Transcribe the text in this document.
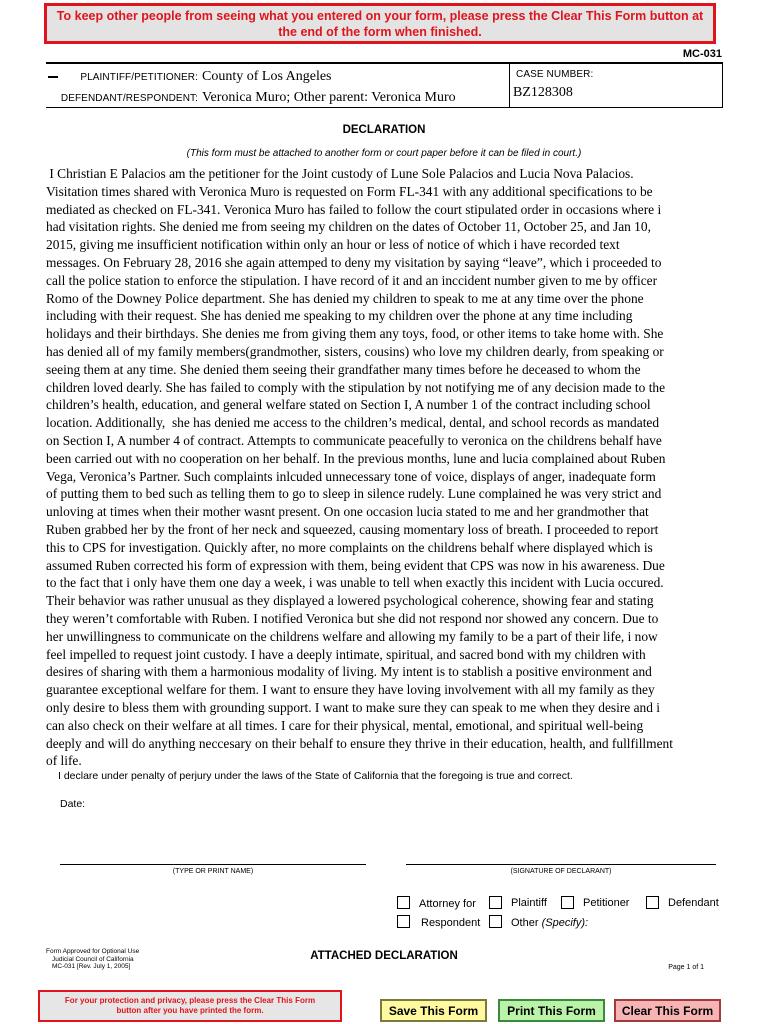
To keep other people from seeing what you entered on your form, please press the Clear This Form button at the end of the form when finished.
MC-031
PLAINTIFF/PETITIONER: County of Los Angeles
DEFENDANT/RESPONDENT: Veronica Muro; Other parent: Veronica Muro
CASE NUMBER:
BZ128308
DECLARATION
(This form must be attached to another form or court paper before it can be filed in court.)
I Christian E Palacios am the petitioner for the Joint custody of Lune Sole Palacios and Lucia Nova Palacios.
Visitation times shared with Veronica Muro is requested on Form FL-341 with any additional specifications to be
mediated as checked on FL-341. Veronica Muro has failed to follow the court stipulated order in occasions where i
had visitation rights. She denied me from seeing my children on the dates of October 11, October 25, and Jan 10,
2015, giving me insufficient notification within only an hour or less of notice of which i have recorded text
messages. On February 28, 2016 she again attemped to deny my visitation by saying “leave”, which i proceeded to
call the police station to enforce the stipulation. I have record of it and an inccident number given to me by officer
Romo of the Downey Police department. She has denied my children to speak to me at any time over the phone
including with their request. She has denied me speaking to my children over the phone at any time including
holidays and their birthdays. She denies me from giving them any toys, food, or other items to take home with. She
has denied all of my family members(grandmother, sisters, cousins) who love my children dearly, from speaking or
seeing them at any time. She denied them seeing their grandfather many times before he deceased to whom the
children loved dearly. She has failed to comply with the stipulation by not notifying me of any decision made to the
children’s health, education, and general welfare stated on Section I, A number 1 of the contract including school
location. Additionally,  she has denied me access to the children’s medical, dental, and school records as mandated
on Section I, A number 4 of contract. Attempts to communicate peacefully to veronica on the childrens behalf have
been carried out with no cooperation on her behalf. In the previous months, lune and lucia complained about Ruben
Vega, Veronica’s Partner. Such complaints inlcuded unnecessary tone of voice, displays of anger, inadequate form
of putting them to bed such as telling them to go to sleep in silence rudely. Lune complained he was very strict and
unloving at times when their mother wasnt present. On one occasion lucia stated to me and her grandmother that
Ruben grabbed her by the front of her neck and squeezed, causing momentary loss of breath. I proceeded to report
this to CPS for investigation. Quickly after, no more complaints on the childrens behalf where displayed which is
assumed Ruben corrected his form of expression with them, being evident that CPS was now in his awareness. Due
to the fact that i only have them one day a week, i was unable to tell when exactly this incident with Lucia occured.
Their behavior was rather unusual as they displayed a lowered psychological coherence, showing fear and stating
they weren’t comfortable with Ruben. I notified Veronica but she did not respond nor showed any concern. Due to
her unwillingness to communicate on the childrens welfare and allowing my family to be a part of their life, i now
feel impelled to request joint custody. I have a deeply intimate, spiritual, and sacred bond with my children with
desires of sharing with them a harmonious modality of living. My intent is to stablish a positive environment and
guarantee exceptional welfare for them. I want to ensure they have loving involvement with all my family as they
only desire to bless them with grounding support. I want to make sure they can speak to me when they desire and i
can also check on their welfare at all times. I care for their physical, mental, emotional, and spiritual well-being
deeply and will do anything neccesary on their behalf to ensure they thrive in their education, health, and fullfillment
of life.
I declare under penalty of perjury under the laws of the State of California that the foregoing is true and correct.
Date:
(TYPE OR PRINT NAME)	(SIGNATURE OF DECLARANT)
Attorney for	Plaintiff	Petitioner	Defendant
Respondent	Other (Specify):
Form Approved for Optional Use
Judicial Council of California
MC-031 [Rev. July 1, 2005]
ATTACHED DECLARATION
Page 1 of 1
For your protection and privacy, please press the Clear This Form button after you have printed the form.	Save This Form	Print This Form	Clear This Form
